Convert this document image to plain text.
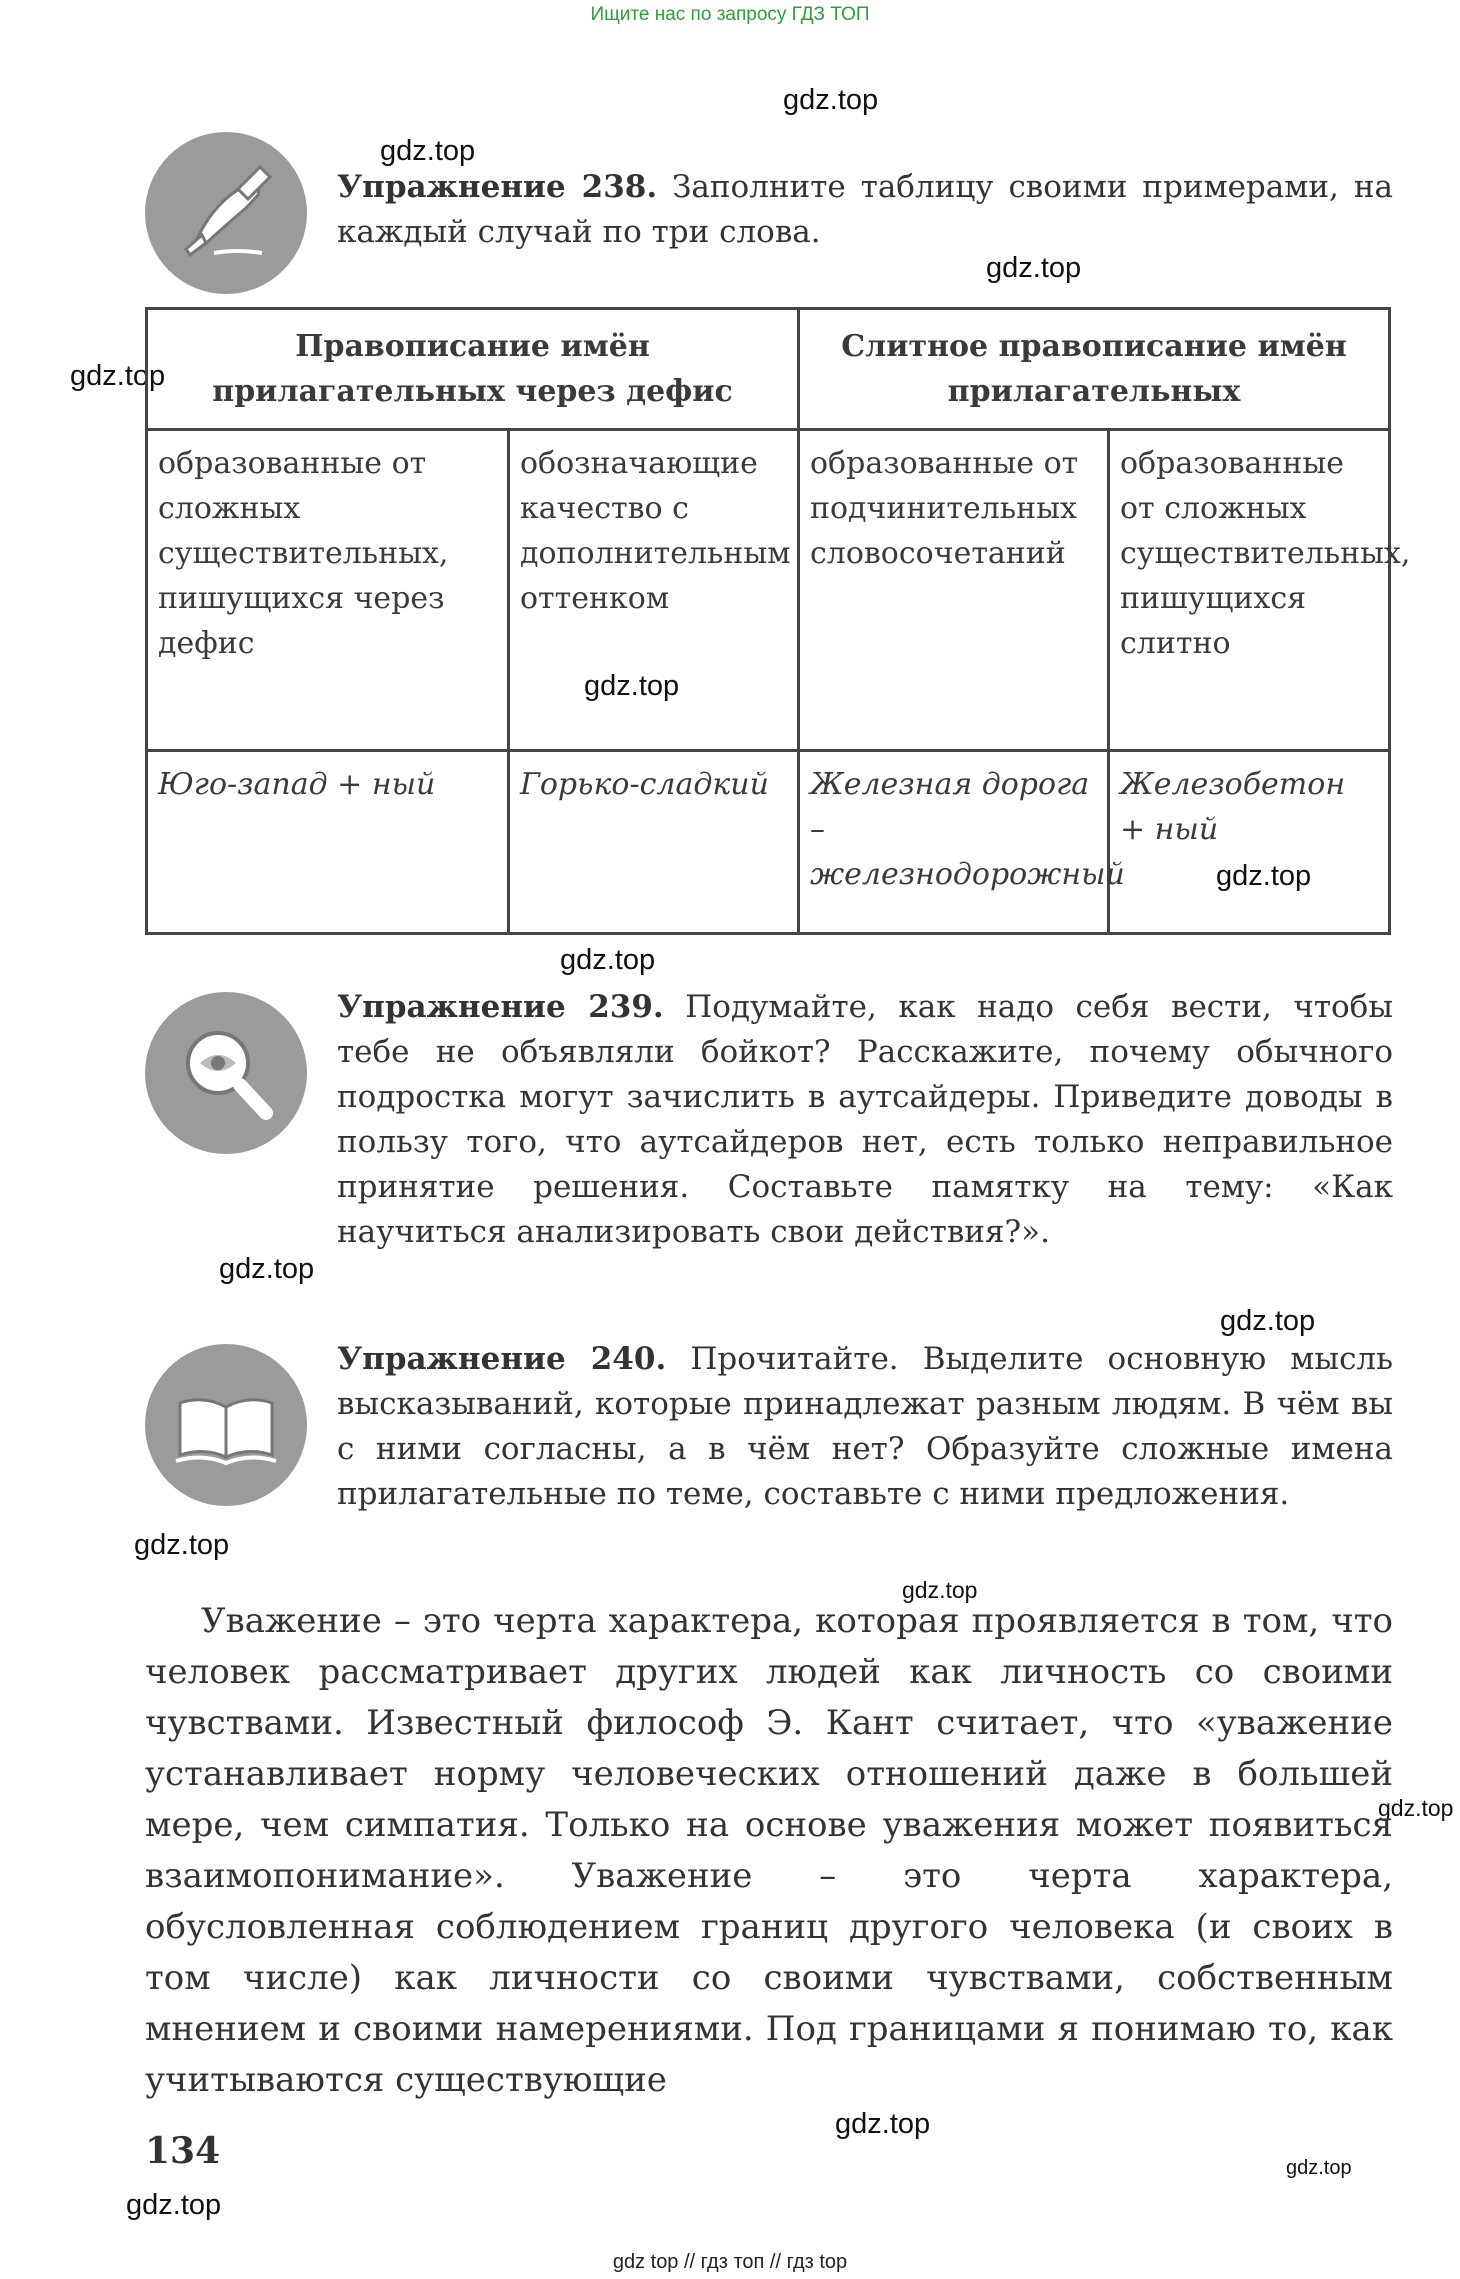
Ищите нас по запросу ГДЗ ТОП
gdz.top
gdz.top
gdz.top
gdz.top
gdz.top
gdz.top
gdz.top
gdz.top
gdz.top
gdz.top
gdz.top
gdz.top
gdz.top
gdz.top
gdz.top
Упражнение 238. Заполните таблицу своими примерами, на каждый случай по три слова.
Правописание имён прилагательных через дефис		Слитное правописание имён прилагательных	
образованные от сложных существительных, пишущихся через дефис	обозначающие качество с дополнительным оттенком	образованные от подчинительных словосочетаний	образованные от сложных существительных, пишущихся слитно
Юго-запад + ный	Горько-сладкий	Железная дорога – железнодорожный	Железобетон + ный
Упражнение 239. Подумайте, как надо себя вести, чтобы тебе не объявляли бойкот? Расскажите, почему обычного подростка могут зачислить в аутсайдеры. Приведите доводы в пользу того, что аутсайдеров нет, есть только неправильное принятие решения. Составьте памятку на тему: «Как научиться анализировать свои действия?».
Упражнение 240. Прочитайте. Выделите основную мысль высказываний, которые принадлежат разным людям. В чём вы с ними согласны, а в чём нет? Образуйте сложные имена прилагательные по теме, составьте с ними предложения.
Уважение – это черта характера, которая проявляется в том, что человек рассматривает других людей как личность со своими чувствами. Известный философ Э. Кант считает, что «уважение устанавливает норму человеческих отношений даже в большей мере, чем симпатия. Только на основе уважения может появиться взаимопонимание». Уважение – это черта характера, обусловленная соблюдением границ другого человека (и своих в том числе) как личности со своими чувствами, собственным мнением и своими намерениями. Под границами я понимаю то, как учитываются существующие
134
gdz top // гдз топ // гдз top
